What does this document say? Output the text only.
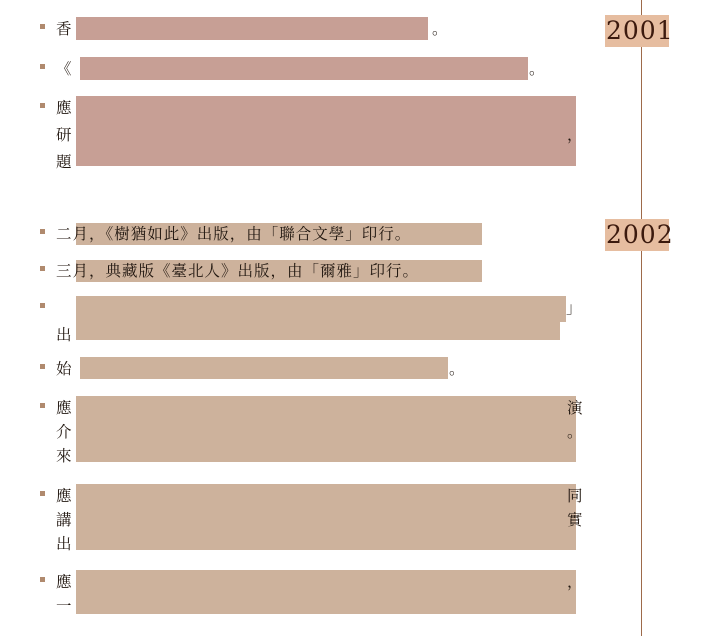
2001
2002
香	。
《	。
應
研
題
，
二月，《樹猶如此》出版，由「聯合文學」印行。
三月，典藏版《臺北人》出版，由「爾雅」印行。
出
」
始	。
應
介
來
演
。
應
講
出
同
實
應
一
，
